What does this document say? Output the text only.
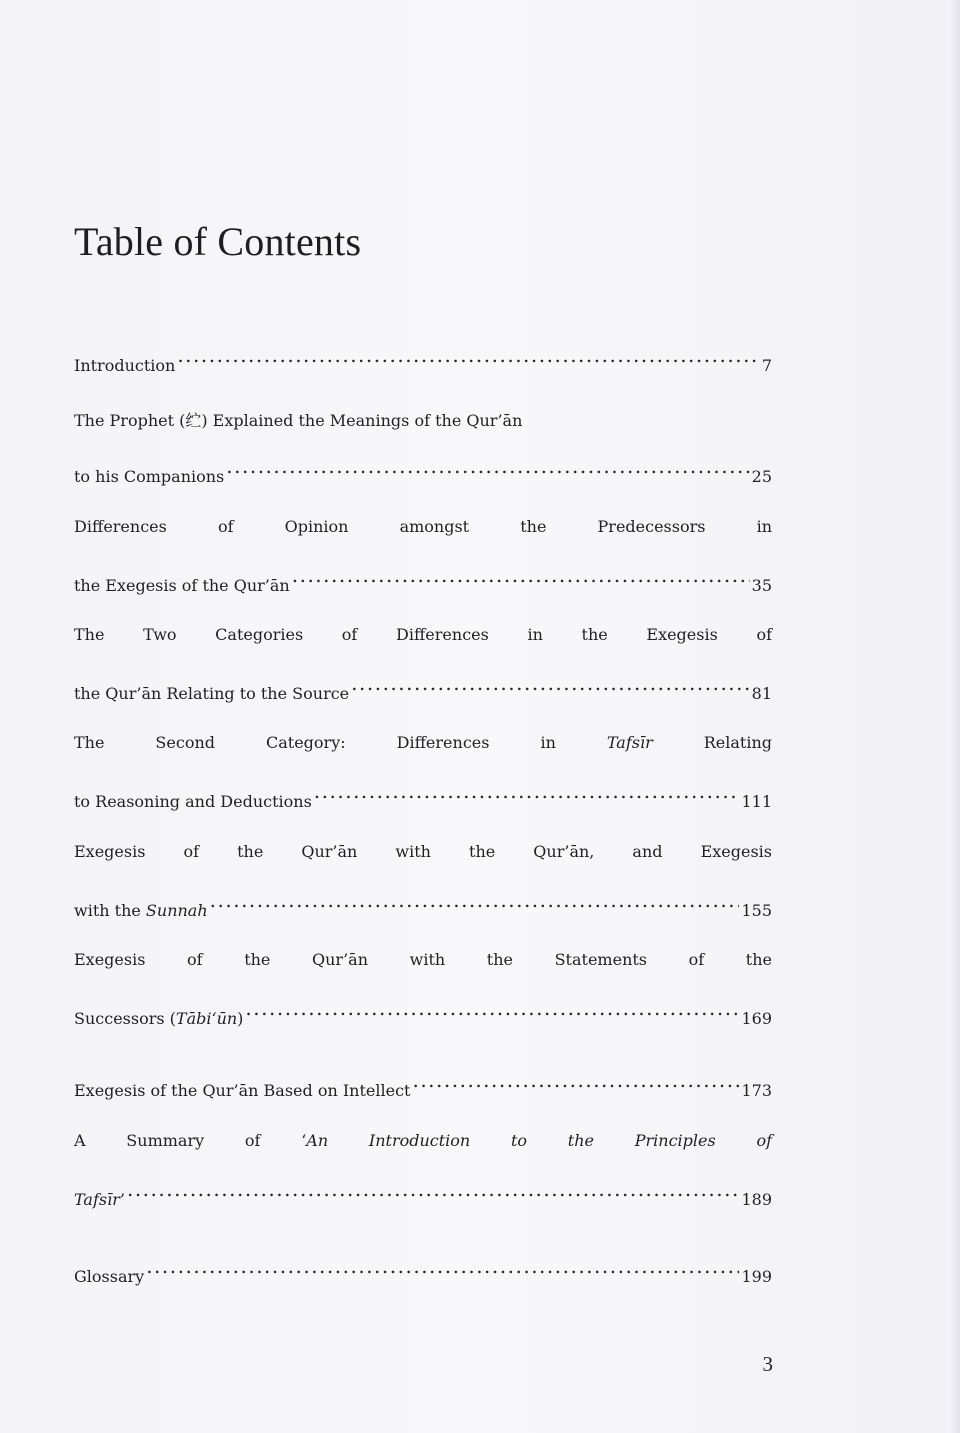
Table of Contents
Introduction .....	7
The Prophet (纻) Explained the Meanings of the Qur’ān
to his Companions .....	25
Differences of Opinion amongst the Predecessors in
the Exegesis of the Qur’ān .....	35
The Two Categories of Differences in the Exegesis of
the Qur’ān Relating to the Source .....	81
The Second Category: Differences in Tafsīr Relating
to Reasoning and Deductions .....	111
Exegesis of the Qur’ān with the Qur’ān, and Exegesis
with the Sunnah .....	155
Exegesis of the Qur’ān with the Statements of the
Successors (Tābi‘ūn) .....	169
Exegesis of the Qur’ān Based on Intellect .....	173
A Summary of ‘An Introduction to the Principles of
Tafsīr’ .....	189
Glossary .....	199
3
